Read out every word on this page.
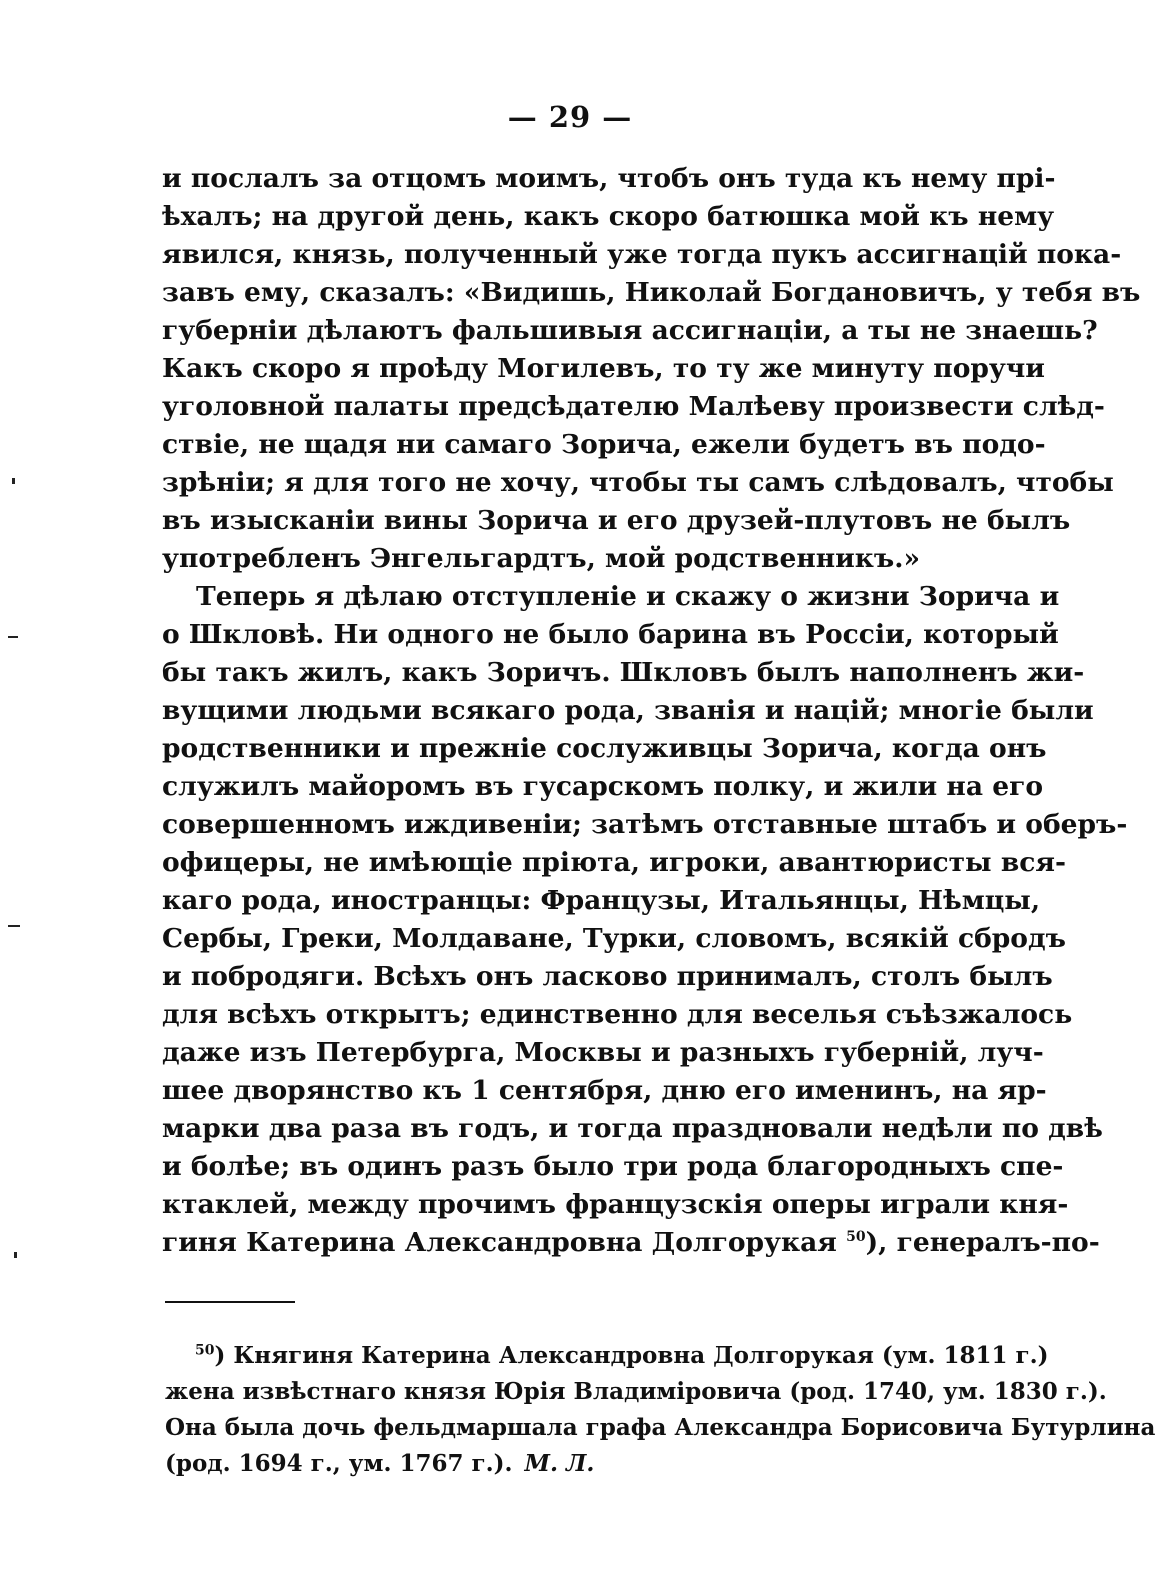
— 29 —
и послалъ за отцомъ моимъ, чтобъ онъ туда къ нему прі-
ѣхалъ; на другой день, какъ скоро батюшка мой къ нему
явился, князь, полученный уже тогда пукъ ассигнацій пока-
завъ ему, сказалъ: «Видишь, Николай Богдановичъ, у тебя въ
губерніи дѣлаютъ фальшивыя ассигнаціи, а ты не знаешь?
Какъ скоро я проѣду Могилевъ, то ту же минуту поручи
уголовной палаты предсѣдателю Малѣеву произвести слѣд-
ствіе, не щадя ни самаго Зорича, ежели будетъ въ подо-
зрѣніи; я для того не хочу, чтобы ты самъ слѣдовалъ, чтобы
въ изысканіи вины Зорича и его друзей-плутовъ не былъ
употребленъ Энгельгардтъ, мой родственникъ.»
Теперь я дѣлаю отступленіе и скажу о жизни Зорича и
о Шкловѣ. Ни одного не было барина въ Россіи, который
бы такъ жилъ, какъ Зоричъ. Шкловъ былъ наполненъ жи-
вущими людьми всякаго рода, званія и націй; многіе были
родственники и прежніе сослуживцы Зорича, когда онъ
служилъ майоромъ въ гусарскомъ полку, и жили на его
совершенномъ иждивеніи; затѣмъ отставные штабъ и оберъ-
офицеры, не имѣющіе пріюта, игроки, авантюристы вся-
каго рода, иностранцы: Французы, Итальянцы, Нѣмцы,
Сербы, Греки, Молдаване, Турки, словомъ, всякій сбродъ
и побродяги. Всѣхъ онъ ласково принималъ, столъ былъ
для всѣхъ открытъ; единственно для веселья съѣзжалось
даже изъ Петербурга, Москвы и разныхъ губерній, луч-
шее дворянство къ 1 сентября, дню его именинъ, на яр-
марки два раза въ годъ, и тогда праздновали недѣли по двѣ
и болѣе; въ одинъ разъ было три рода благородныхъ спе-
ктаклей, между прочимъ французскія оперы играли кня-
гиня Катерина Александровна Долгорукая $^{50}$), генералъ-по-
$^{50}$) Княгиня Катерина Александровна Долгорукая (ум. 1811 г.)
жена извѣстнаго князя Юрія Владиміровича (род. 1740, ум. 1830 г.).
Она была дочь фельдмаршала графа Александра Борисовича Бутурлина
(род. 1694 г., ум. 1767 г.). М. Л.
